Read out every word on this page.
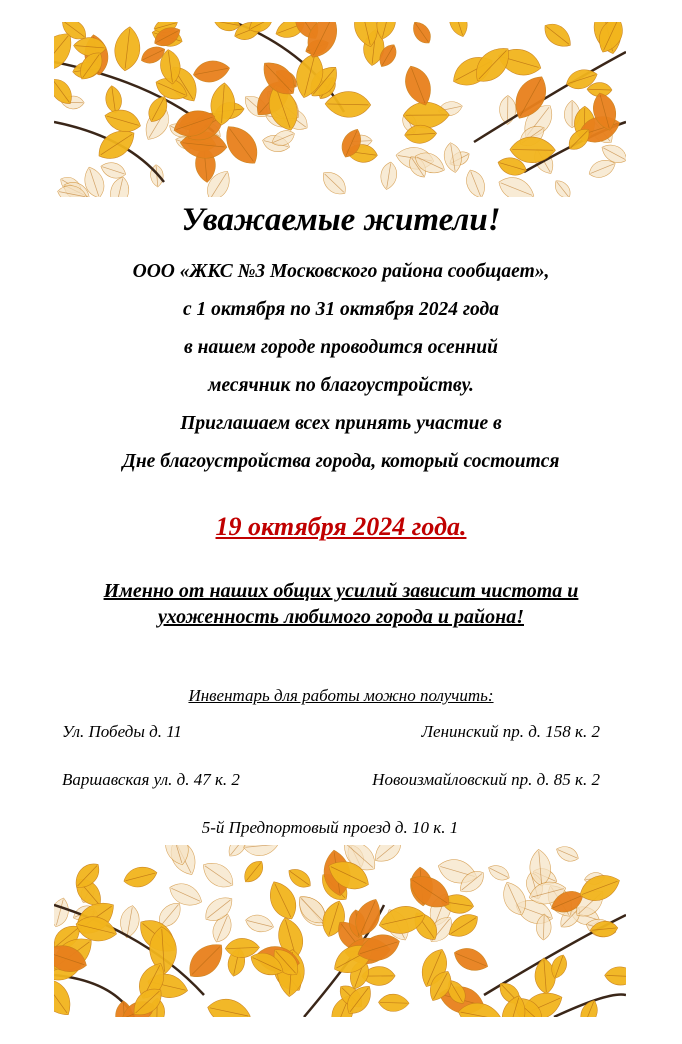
Уважаемые жители!
ООО «ЖКС №3 Московского района сообщает»,
с 1 октября по 31 октября 2024 года
в нашем городе проводится осенний
месячник по благоустройству.
Приглашаем всех принять участие в
Дне благоустройства города, который состоится
19 октября 2024 года.
Именно от наших общих усилий зависит чистота и
ухоженность любимого города и района!
Инвентарь для работы можно получить:
Ул. Победы д. 11	Ленинский пр. д. 158 к. 2
Варшавская ул. д. 47 к. 2	Новоизмайловский пр. д. 85 к. 2
5-й Предпортовый проезд д. 10 к. 1
